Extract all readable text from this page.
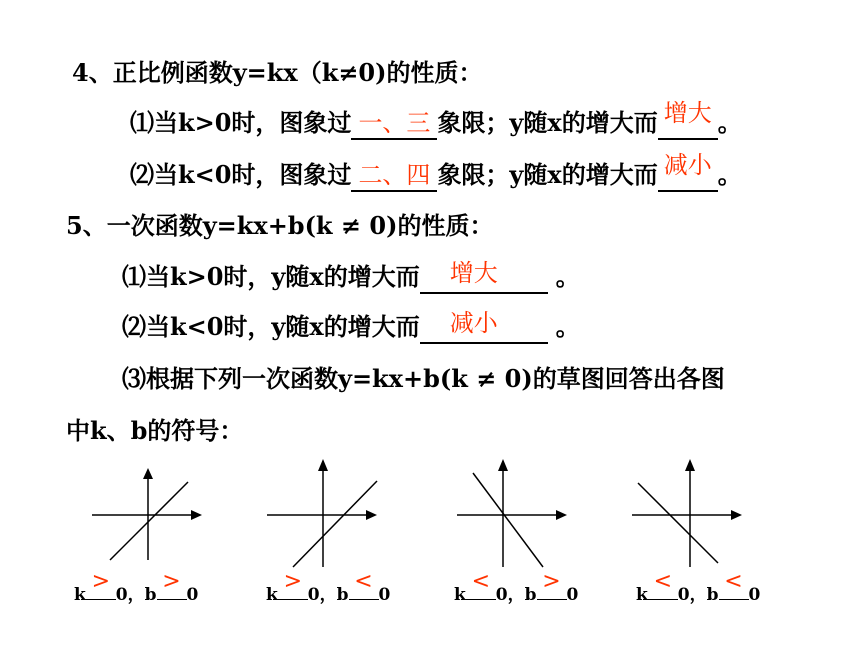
4、正比例函数y=kx（k≠0)的性质：
⑴当k>0时，图象过 一、三 象限；y随x的增大而 增大 。
⑵当k<0时，图象过 二、四 象限；y随x的增大而 减小 。
5、一次函数y=kx+b(k ≠ 0)的性质：
⑴当k>0时，y随x的增大而 增大 。
⑵当k<0时，y随x的增大而 减小 。
⑶根据下列一次函数y=kx+b(k ≠ 0)的草图回答出各图
中k、b的符号：
k
>
0，b
>
0	k
>
0，b
<
0	k
<
0，b
>
0	k
<
0，b
<
0
